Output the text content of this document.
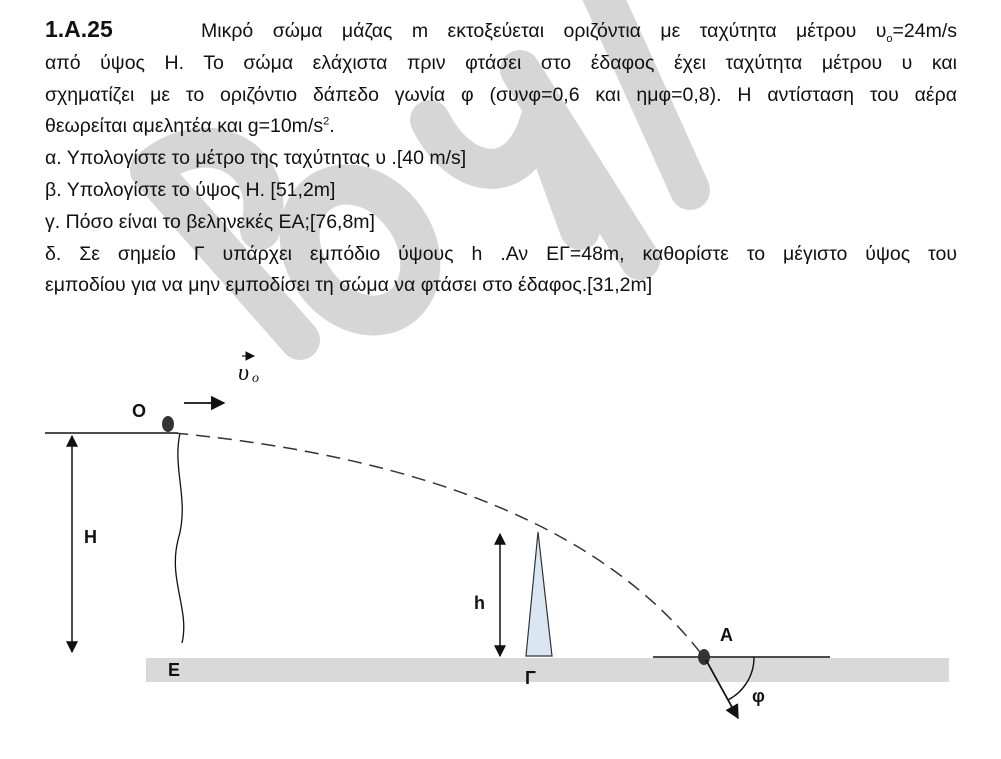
1.Α.25	Μικρό σώμα μάζας m εκτοξεύεται οριζόντια με ταχύτητα μέτρου $\upsilon_o=24m/s$

από ύψος Η. Το σώμα ελάχιστα πριν φτάσει στο έδαφος έχει ταχύτητα μέτρου υ και

σχηματίζει με το οριζόντιο δάπεδο γωνία φ (συνφ=0,6 και ημφ=0,8). Η αντίσταση του αέρα

θεωρείται αμελητέα και $g=10m/s^2$.

α. Υπολογίστε το μέτρο της ταχύτητας υ .[40 m/s]

β. Υπολογίστε το ύψος Η. [51,2m]

γ. Πόσο είναι το βεληνεκές ΕΑ;[76,8m]

δ. Σε σημείο Γ υπάρχει εμπόδιο ύψους h .Αν ΕΓ=48m, καθορίστε το μέγιστο ύψος του

εμποδίου για να μην εμποδίσει τη σώμα να φτάσει στο έδαφος.[31,2m]

Ο
υ ο
Η
Ε
h
Γ
Α
φ
